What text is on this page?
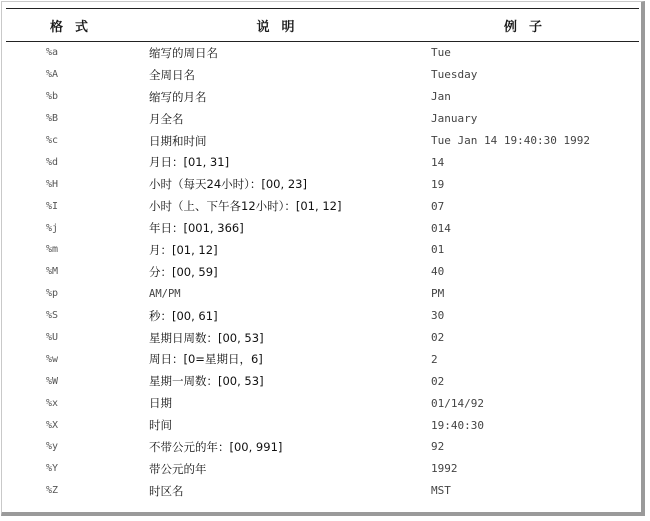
格式	说明	例子
%a	缩写的周日名	Tue
%A	全周日名	Tuesday
%b	缩写的月名	Jan
%B	月全名	January
%c	日期和时间	Tue Jan 14 19:40:30 1992
%d	月日：[01, 31]	14
%H	小时（每天24小时）：[00, 23]	19
%I	小时（上、下午各12小时）：[01, 12]	07
%j	年日：[001, 366]	014
%m	月：[01, 12]	01
%M	分：[00, 59]	40
%p	AM/PM	PM
%S	秒：[00, 61]	30
%U	星期日周数：[00, 53]	02
%w	周日：[0=星期日，6]	2
%W	星期一周数：[00, 53]	02
%x	日期	01/14/92
%X	时间	19:40:30
%y	不带公元的年：[00, 991]	92
%Y	带公元的年	1992
%Z	时区名	MST
